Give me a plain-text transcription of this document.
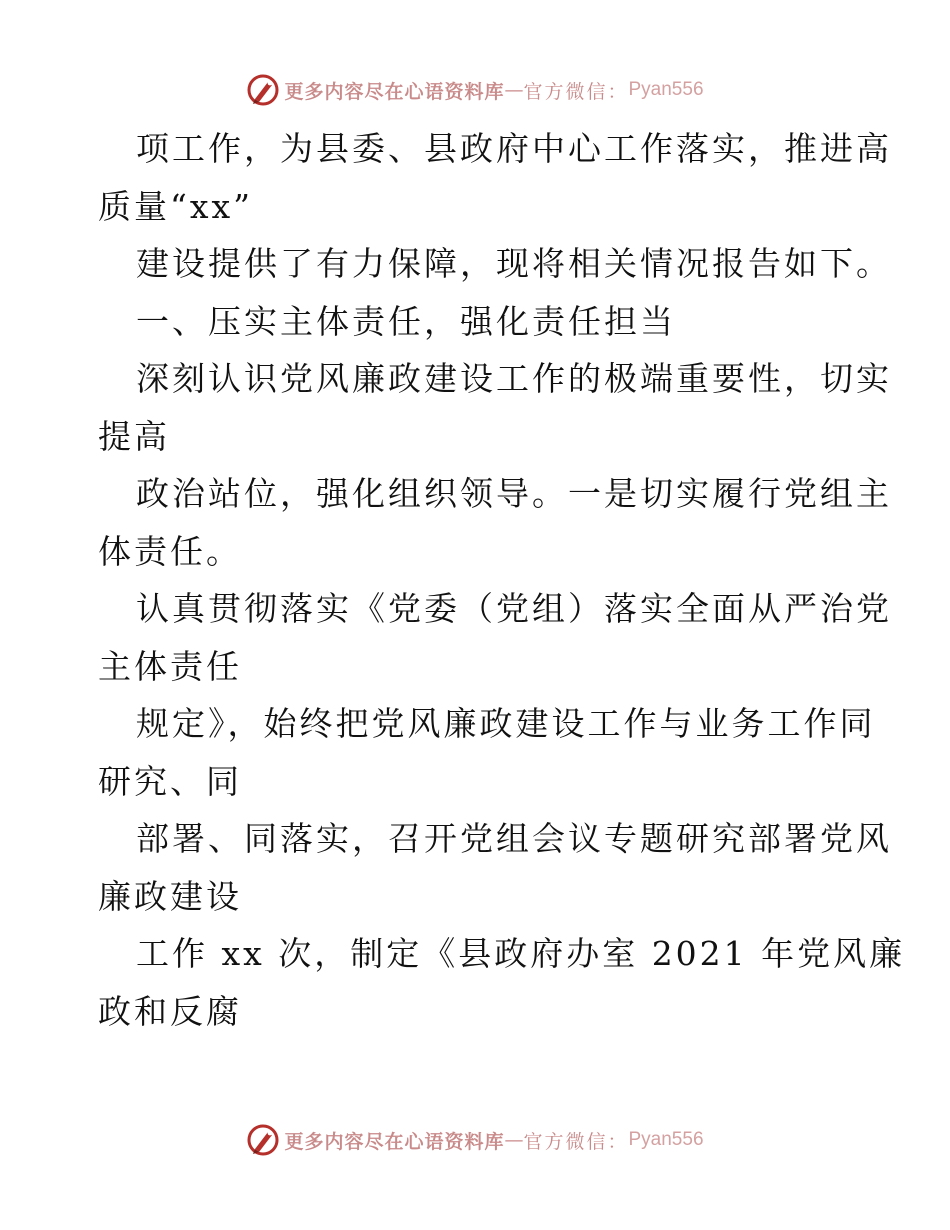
更多内容尽在心语资料库 — 官方微信： Pyan556

项工作，为县委、县政府中心工作落实，推进高

质量“xx”

建设提供了有力保障，现将相关情况报告如下。

一、压实主体责任，强化责任担当

深刻认识党风廉政建设工作的极端重要性，切实

提高

政治站位，强化组织领导。一是切实履行党组主

体责任。

认真贯彻落实《党委（党组）落实全面从严治党

主体责任

规定》，始终把党风廉政建设工作与业务工作同

研究、同

部署、同落实，召开党组会议专题研究部署党风

廉政建设

工作 xx 次，制定《县政府办室 2021 年党风廉

政和反腐

更多内容尽在心语资料库 — 官方微信： Pyan556
